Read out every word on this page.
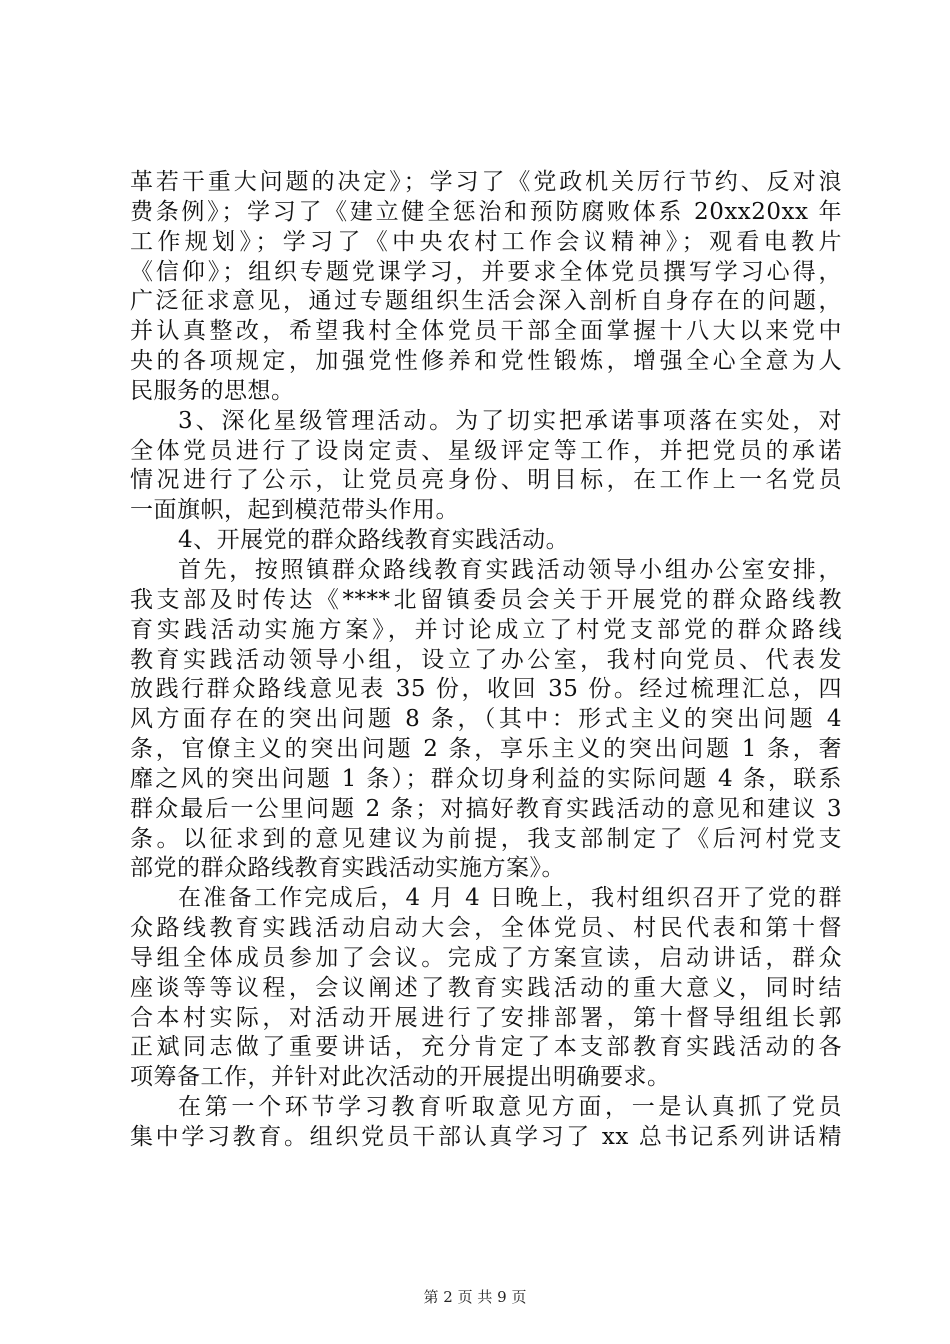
革若干重大问题的决定》；学习了《党政机关厉行节约、反对浪
费条例》；学习了《建立健全惩治和预防腐败体系 20xx20xx 年
工作规划》；学习了《中央农村工作会议精神》；观看电教片
《信仰》；组织专题党课学习，并要求全体党员撰写学习心得，
广泛征求意见，通过专题组织生活会深入剖析自身存在的问题，
并认真整改，希望我村全体党员干部全面掌握十八大以来党中
央的各项规定，加强党性修养和党性锻炼，增强全心全意为人
民服务的思想。
3、深化星级管理活动。为了切实把承诺事项落在实处，对
全体党员进行了设岗定责、星级评定等工作，并把党员的承诺
情况进行了公示，让党员亮身份、明目标，在工作上一名党员
一面旗帜，起到模范带头作用。
4、开展党的群众路线教育实践活动。
首先，按照镇群众路线教育实践活动领导小组办公室安排，
我支部及时传达《****北留镇委员会关于开展党的群众路线教
育实践活动实施方案》，并讨论成立了村党支部党的群众路线
教育实践活动领导小组，设立了办公室，我村向党员、代表发
放践行群众路线意见表 35 份，收回 35 份。经过梳理汇总，四
风方面存在的突出问题 8 条，（其中：形式主义的突出问题 4
条，官僚主义的突出问题 2 条，享乐主义的突出问题 1 条，奢
靡之风的突出问题 1 条）；群众切身利益的实际问题 4 条，联系
群众最后一公里问题 2 条；对搞好教育实践活动的意见和建议 3
条。以征求到的意见建议为前提，我支部制定了《后河村党支
部党的群众路线教育实践活动实施方案》。
在准备工作完成后，4 月 4 日晚上，我村组织召开了党的群
众路线教育实践活动启动大会，全体党员、村民代表和第十督
导组全体成员参加了会议。完成了方案宣读，启动讲话，群众
座谈等等议程，会议阐述了教育实践活动的重大意义，同时结
合本村实际，对活动开展进行了安排部署，第十督导组组长郭
正斌同志做了重要讲话，充分肯定了本支部教育实践活动的各
项筹备工作，并针对此次活动的开展提出明确要求。
在第一个环节学习教育听取意见方面，一是认真抓了党员
集中学习教育。组织党员干部认真学习了 xx 总书记系列讲话精
第 2 页 共 9 页
